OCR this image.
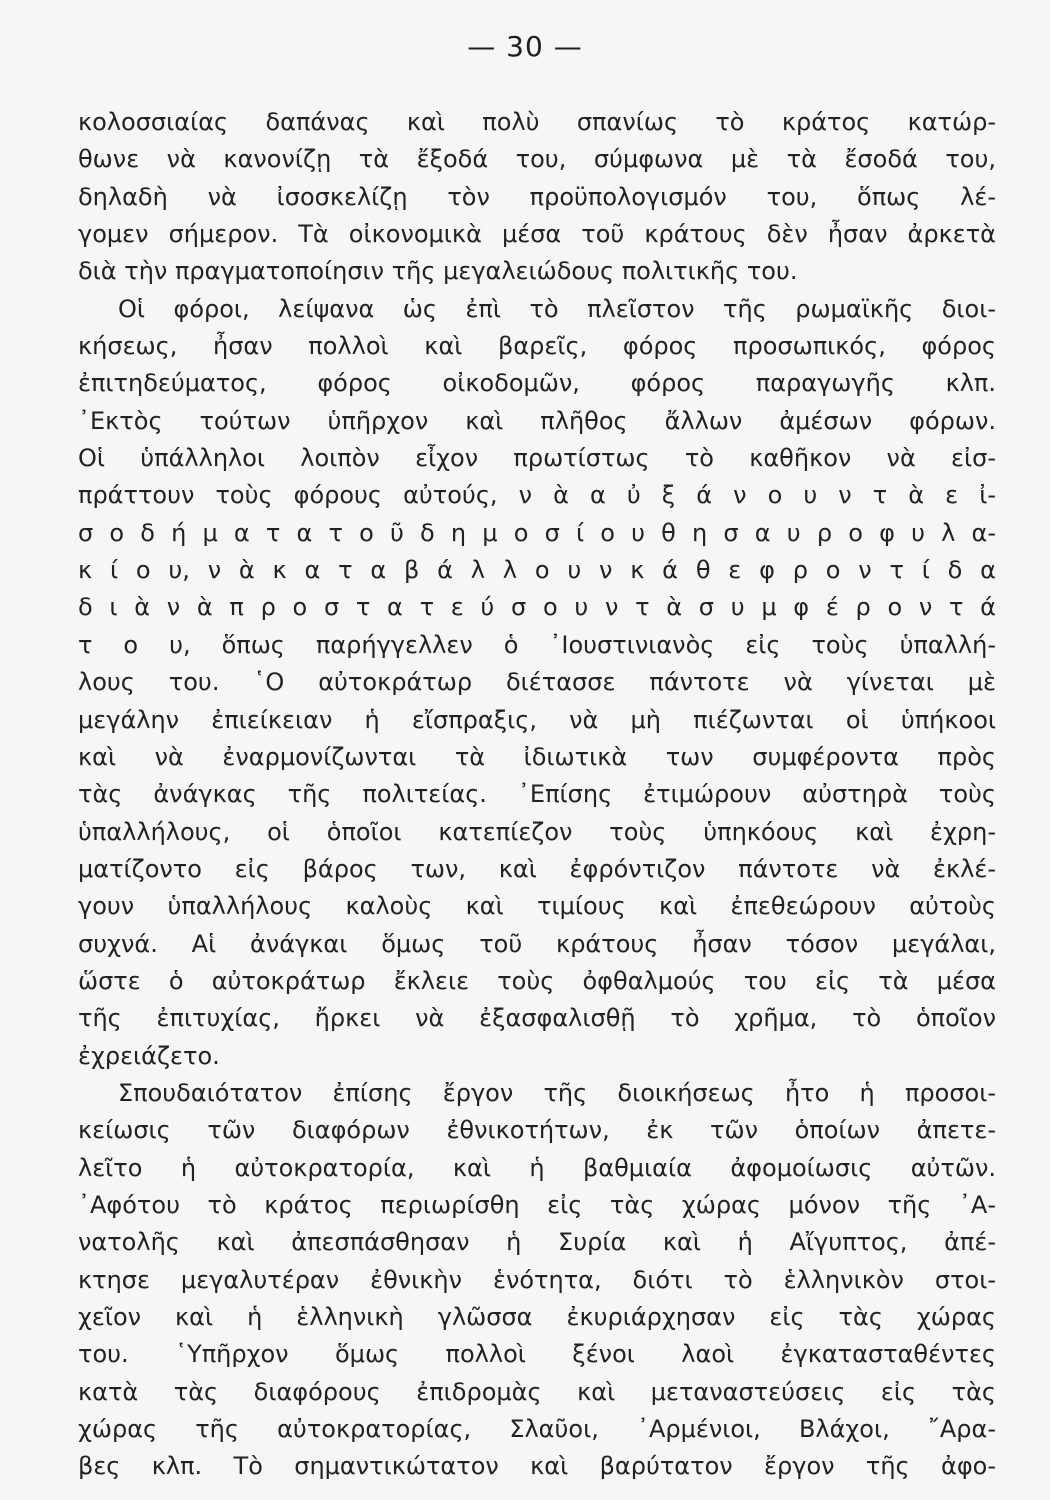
— 30 —
κολοσσιαίας δαπάνας καὶ πολὺ σπανίως τὸ κράτος κατώρ-
θωνε νὰ κανονίζῃ τὰ ἔξοδά του, σύμφωνα μὲ τὰ ἔσοδά του,
δηλαδὴ νὰ ἰσοσκελίζῃ τὸν προϋπολογισμόν του, ὅπως λέ-
γομεν σήμερον. Τὰ οἰκονομικὰ μέσα τοῦ κράτους δὲν ἦσαν ἀρκετὰ
διὰ τὴν πραγματοποίησιν τῆς μεγαλειώδους πολιτικῆς του.
Οἱ φόροι, λείψανα ὡς ἐπὶ τὸ πλεῖστον τῆς ρωμαϊκῆς διοι-
κήσεως, ἦσαν πολλοὶ καὶ βαρεῖς, φόρος προσωπικός, φόρος
ἐπιτηδεύματος, φόρος οἰκοδομῶν, φόρος παραγωγῆς κλπ.
᾿Εκτὸς τούτων ὑπῆρχον καὶ πλῆθος ἄλλων ἀμέσων φόρων.
Οἱ ὑπάλληλοι λοιπὸν εἶχον πρωτίστως τὸ καθῆκον νὰ εἰσ-
πράττουν τοὺς φόρους αὐτούς, ν ὰ α ὐ ξ ά ν ο υ ν τ ὰ ε ἰ-
σ ο δ ή μ α τ α τ ο ῦ δ η μ ο σ ί ο υ θ η σ α υ ρ ο φ υ λ α-
κ ί ο υ, ν ὰ κ α τ α β ά λ λ ο υ ν κ ά θ ε φ ρ ο ν τ ί δ α
δ ι ὰ ν ὰ π ρ ο σ τ α τ ε ύ σ ο υ ν τ ὰ σ υ μ φ έ ρ ο ν τ ά
τ ο υ, ὅπως παρήγγελλεν ὁ ᾿Ιουστινιανὸς εἰς τοὺς ὑπαλλή-
λους του. ῾Ο αὐτοκράτωρ διέτασσε πάντοτε νὰ γίνεται μὲ
μεγάλην ἐπιείκειαν ἡ εἴσπραξις, νὰ μὴ πιέζωνται οἱ ὑπήκοοι
καὶ νὰ ἐναρμονίζωνται τὰ ἰδιωτικὰ των συμφέροντα πρὸς
τὰς ἀνάγκας τῆς πολιτείας. ᾿Επίσης ἐτιμώρουν αὐστηρὰ τοὺς
ὑπαλλήλους, οἱ ὁποῖοι κατεπίεζον τοὺς ὑπηκόους καὶ ἐχρη-
ματίζοντο εἰς βάρος των, καὶ ἐφρόντιζον πάντοτε νὰ ἐκλέ-
γουν ὑπαλλήλους καλοὺς καὶ τιμίους καὶ ἐπεθεώρουν αὐτοὺς
συχνά. Αἱ ἀνάγκαι ὅμως τοῦ κράτους ἦσαν τόσον μεγάλαι,
ὥστε ὁ αὐτοκράτωρ ἔκλειε τοὺς ὀφθαλμούς του εἰς τὰ μέσα
τῆς ἐπιτυχίας, ἤρκει νὰ ἐξασφαλισθῇ τὸ χρῆμα, τὸ ὁποῖον
ἐχρειάζετο.
Σπουδαιότατον ἐπίσης ἔργον τῆς διοικήσεως ἦτο ἡ προσοι-
κείωσις τῶν διαφόρων ἐθνικοτήτων, ἐκ τῶν ὁποίων ἀπετε-
λεῖτο ἡ αὐτοκρατορία, καὶ ἡ βαθμιαία ἀφομοίωσις αὐτῶν.
᾿Αφότου τὸ κράτος περιωρίσθη εἰς τὰς χώρας μόνον τῆς ᾿Α-
νατολῆς καὶ ἀπεσπάσθησαν ἡ Συρία καὶ ἡ Αἴγυπτος, ἀπέ-
κτησε μεγαλυτέραν ἐθνικὴν ἑνότητα, διότι τὸ ἑλληνικὸν στοι-
χεῖον καὶ ἡ ἑλληνικὴ γλῶσσα ἐκυριάρχησαν εἰς τὰς χώρας
του. ῾Υπῆρχον ὅμως πολλοὶ ξένοι λαοὶ ἐγκατασταθέντες
κατὰ τὰς διαφόρους ἐπιδρομὰς καὶ μεταναστεύσεις εἰς τὰς
χώρας τῆς αὐτοκρατορίας, Σλαῦοι, ᾿Αρμένιοι, Βλάχοι, ῎Αρα-
βες κλπ. Τὸ σημαντικώτατον καὶ βαρύτατον ἔργον τῆς ἀφο-
